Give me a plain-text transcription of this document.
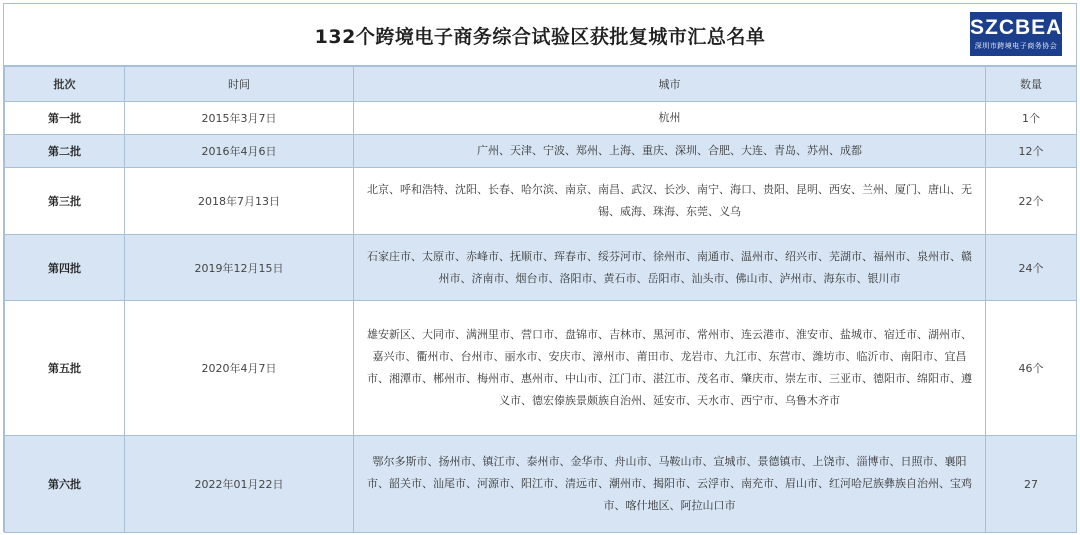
132个跨境电子商务综合试验区获批复城市汇总名单	SZCBEA
深圳市跨境电子商务协会
批次	时间	城市	数量
第一批	2015年3月7日	杭州	1个
第二批	2016年4月6日	广州、天津、宁波、郑州、上海、重庆、深圳、合肥、大连、青岛、苏州、成都	12个
第三批	2018年7月13日	北京、呼和浩特、沈阳、长春、哈尔滨、南京、南昌、武汉、长沙、南宁、海口、贵阳、昆明、西安、兰州、厦门、唐山、无锡、威海、珠海、东莞、义乌	22个
第四批	2019年12月15日	石家庄市、太原市、赤峰市、抚顺市、珲春市、绥芬河市、徐州市、南通市、温州市、绍兴市、芜湖市、福州市、泉州市、赣州市、济南市、烟台市、洛阳市、黄石市、岳阳市、汕头市、佛山市、泸州市、海东市、银川市	24个
第五批	2020年4月7日	雄安新区、大同市、满洲里市、营口市、盘锦市、吉林市、黑河市、常州市、连云港市、淮安市、盐城市、宿迁市、湖州市、嘉兴市、衢州市、台州市、丽水市、安庆市、漳州市、莆田市、龙岩市、九江市、东营市、潍坊市、临沂市、南阳市、宜昌市、湘潭市、郴州市、梅州市、惠州市、中山市、江门市、湛江市、茂名市、肇庆市、崇左市、三亚市、德阳市、绵阳市、遵义市、德宏傣族景颇族自治州、延安市、天水市、西宁市、乌鲁木齐市	46个
第六批	2022年01月22日	鄂尔多斯市、扬州市、镇江市、泰州市、金华市、舟山市、马鞍山市、宣城市、景德镇市、上饶市、淄博市、日照市、襄阳市、韶关市、汕尾市、河源市、阳江市、清远市、潮州市、揭阳市、云浮市、南充市、眉山市、红河哈尼族彝族自治州、宝鸡市、喀什地区、阿拉山口市	27
